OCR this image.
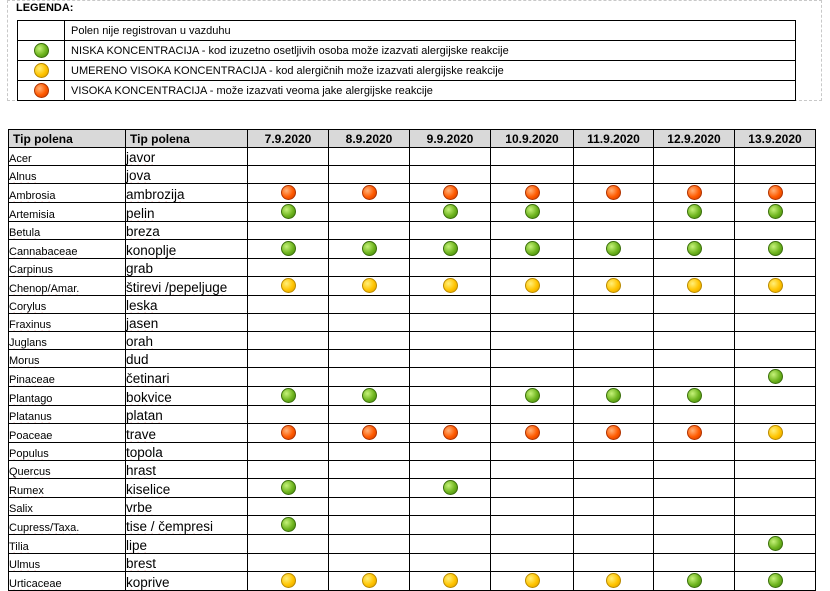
LEGENDA:
	Polen nije registrovan u vazduhu
	NISKA KONCENTRACIJA - kod izuzetno osetljivih osoba može izazvati alergijske reakcije
	UMERENO VISOKA KONCENTRACIJA - kod alergičnih može izazvati alergijske reakcije
	VISOKA KONCENTRACIJA - može izazvati veoma jake alergijske reakcije
Tip polena	Tip polena	7.9.2020	8.9.2020	9.9.2020	10.9.2020	11.9.2020	12.9.2020	13.9.2020
Acer	javor							
Alnus	jova							
Ambrosia	ambrozija							
Artemisia	pelin							
Betula	breza							
Cannabaceae	konoplje							
Carpinus	grab							
Chenop/Amar.	štirevi /pepeljuge							
Corylus	leska							
Fraxinus	jasen							
Juglans	orah							
Morus	dud							
Pinaceae	četinari							
Plantago	bokvice							
Platanus	platan							
Poaceae	trave							
Populus	topola							
Quercus	hrast							
Rumex	kiselice							
Salix	vrbe							
Cupress/Taxa.	tise / čempresi							
Tilia	lipe							
Ulmus	brest							
Urticaceae	koprive							
